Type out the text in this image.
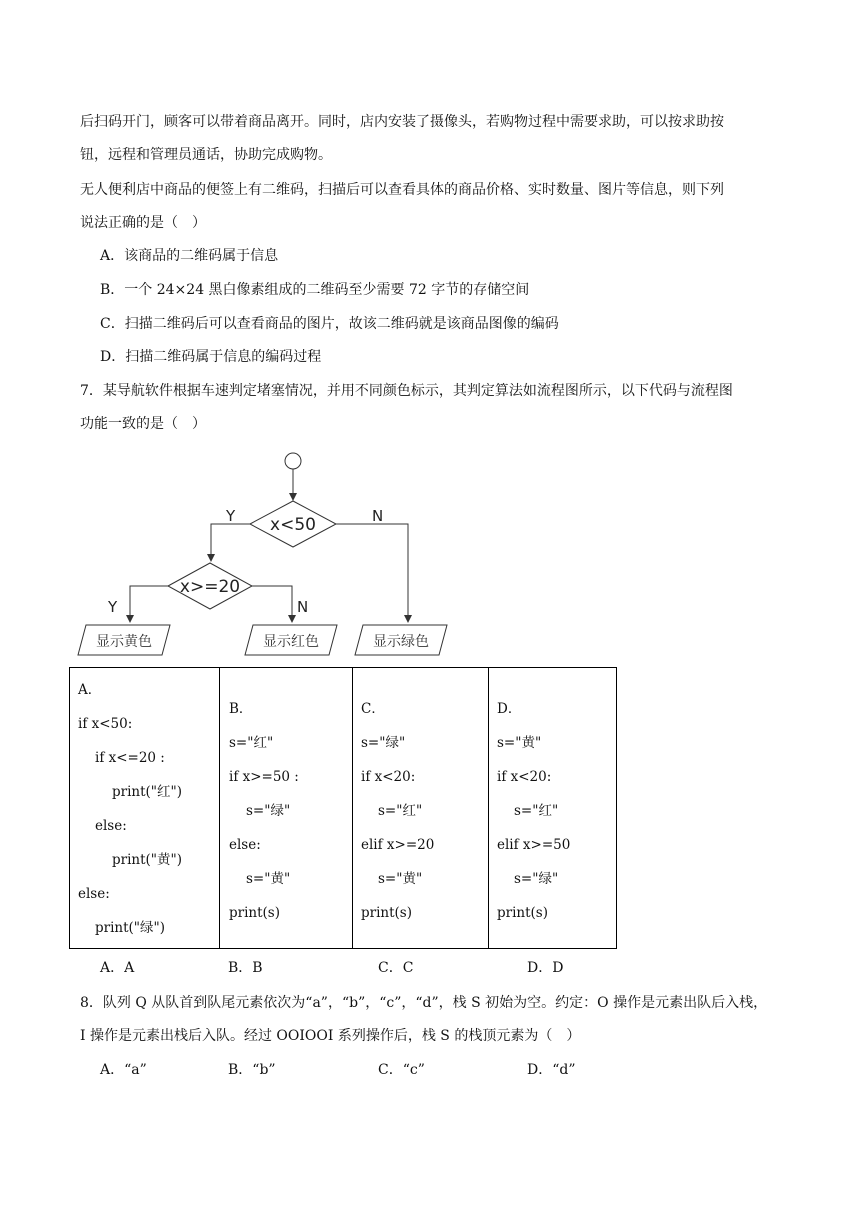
后扫码开门，顾客可以带着商品离开。同时，店内安装了摄像头，若购物过程中需要求助，可以按求助按
钮，远程和管理员通话，协助完成购物。
无人便利店中商品的便签上有二维码，扫描后可以查看具体的商品价格、实时数量、图片等信息，则下列
说法正确的是（　）
A．该商品的二维码属于信息
B．一个 24×24 黑白像素组成的二维码至少需要 72 字节的存储空间
C．扫描二维码后可以查看商品的图片，故该二维码就是该商品图像的编码
D．扫描二维码属于信息的编码过程
7．某导航软件根据车速判定堵塞情况，并用不同颜色标示，其判定算法如流程图所示，以下代码与流程图
功能一致的是（　）
x<50
x>=20
Y	N
Y	N
显示黄色	显示红色	显示绿色
A．
if x<50:
if x<=20 :
print("红")
else:
print("黄")
else:
print("绿")
B．
s="红"
if x>=50 :
s="绿"
else:
s="黄"
print(s)
C．
s="绿"
if x<20:
s="红"
elif x>=20
s="黄"
print(s)
D．
s="黄"
if x<20:
s="红"
elif x>=50
s="绿"
print(s)
A．A	B．B	C．C	D．D
8．队列 Q 从队首到队尾元素依次为“a”，“b”，“c”，“d”，栈 S 初始为空。约定：O 操作是元素出队后入栈，
I 操作是元素出栈后入队。经过 OOIOOI 系列操作后，栈 S 的栈顶元素为（　）
A．“a”	B．“b”	C．“c”	D．“d”
